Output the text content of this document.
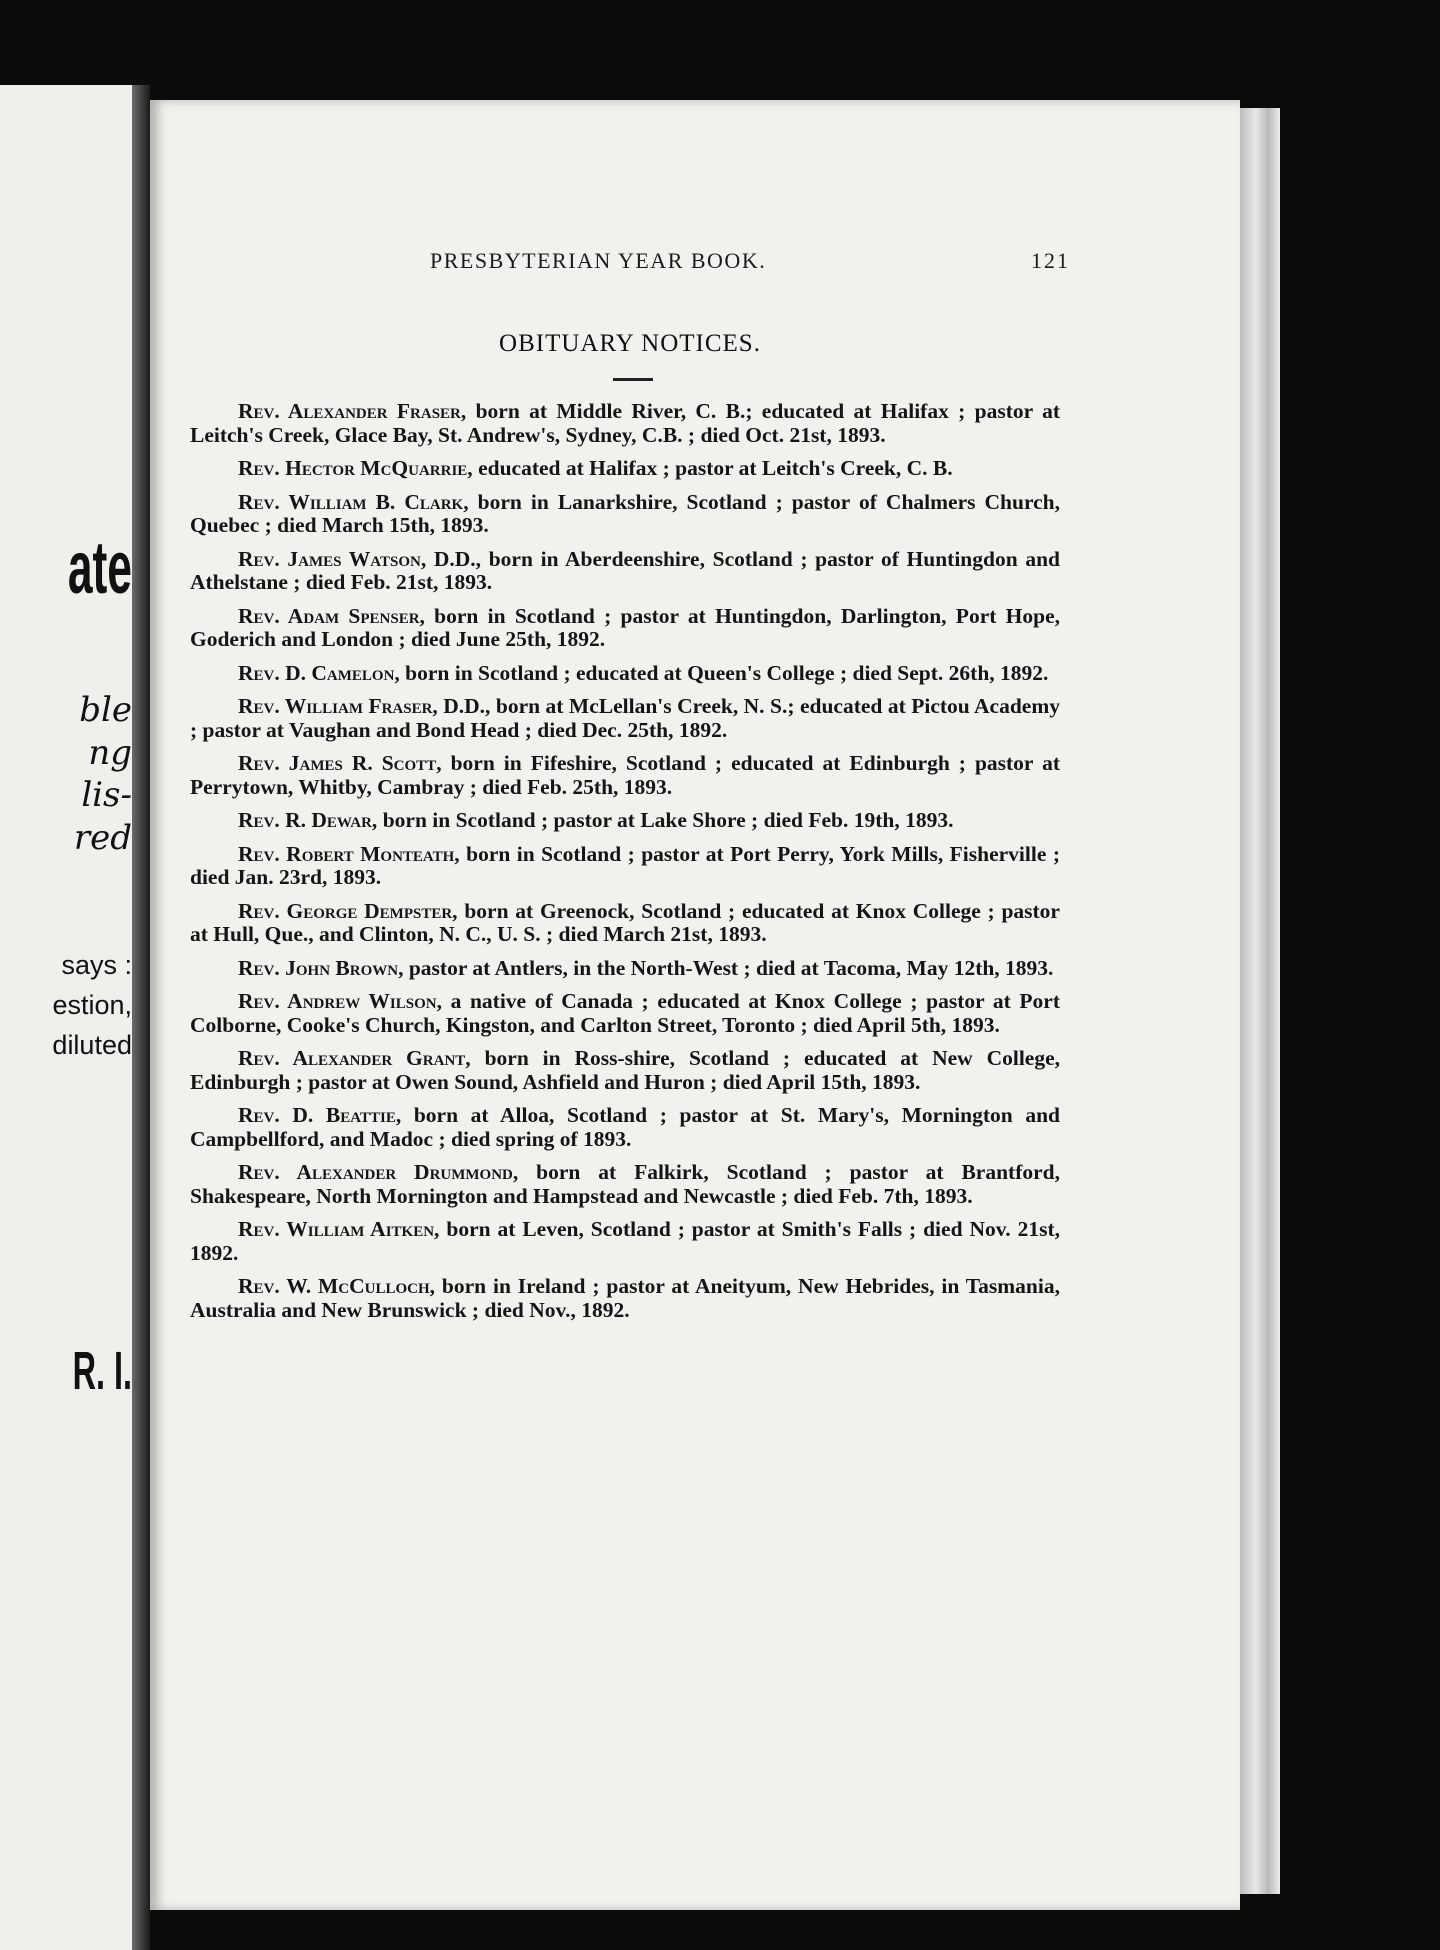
ate
ble
ng
lis-
red
says :
estion,
diluted
R. I.
PRESBYTERIAN YEAR BOOK.	121
OBITUARY NOTICES.

Rev. Alexander Fraser, born at Middle River, C. B.; educated at Halifax ; pastor at Leitch's Creek, Glace Bay, St. Andrew's, Sydney, C.B. ; died Oct. 21st, 1893.

Rev. Hector McQuarrie, educated at Halifax ; pastor at Leitch's Creek, C. B.

Rev. William B. Clark, born in Lanarkshire, Scotland ; pastor of Chalmers Church, Quebec ; died March 15th, 1893.

Rev. James Watson, D.D., born in Aberdeenshire, Scotland ; pastor of Huntingdon and Athelstane ; died Feb. 21st, 1893.

Rev. Adam Spenser, born in Scotland ; pastor at Huntingdon, Darlington, Port Hope, Goderich and London ; died June 25th, 1892.

Rev. D. Camelon, born in Scotland ; educated at Queen's College ; died Sept. 26th, 1892.

Rev. William Fraser, D.D., born at McLellan's Creek, N. S.; educated at Pictou Academy ; pastor at Vaughan and Bond Head ; died Dec. 25th, 1892.

Rev. James R. Scott, born in Fifeshire, Scotland ; educated at Edinburgh ; pastor at Perrytown, Whitby, Cambray ; died Feb. 25th, 1893.

Rev. R. Dewar, born in Scotland ; pastor at Lake Shore ; died Feb. 19th, 1893.

Rev. Robert Monteath, born in Scotland ; pastor at Port Perry, York Mills, Fisherville ; died Jan. 23rd, 1893.

Rev. George Dempster, born at Greenock, Scotland ; educated at Knox College ; pastor at Hull, Que., and Clinton, N. C., U. S. ; died March 21st, 1893.

Rev. John Brown, pastor at Antlers, in the North-West ; died at Tacoma, May 12th, 1893.

Rev. Andrew Wilson, a native of Canada ; educated at Knox College ; pastor at Port Colborne, Cooke's Church, Kingston, and Carlton Street, Toronto ; died April 5th, 1893.

Rev. Alexander Grant, born in Ross-shire, Scotland ; educated at New College, Edinburgh ; pastor at Owen Sound, Ashfield and Huron ; died April 15th, 1893.

Rev. D. Beattie, born at Alloa, Scotland ; pastor at St. Mary's, Mornington and Campbellford, and Madoc ; died spring of 1893.

Rev. Alexander Drummond, born at Falkirk, Scotland ; pastor at Brantford, Shakespeare, North Mornington and Hampstead and Newcastle ; died Feb. 7th, 1893.

Rev. William Aitken, born at Leven, Scotland ; pastor at Smith's Falls ; died Nov. 21st, 1892.

Rev. W. McCulloch, born in Ireland ; pastor at Aneityum, New Hebrides, in Tasmania, Australia and New Brunswick ; died Nov., 1892.
